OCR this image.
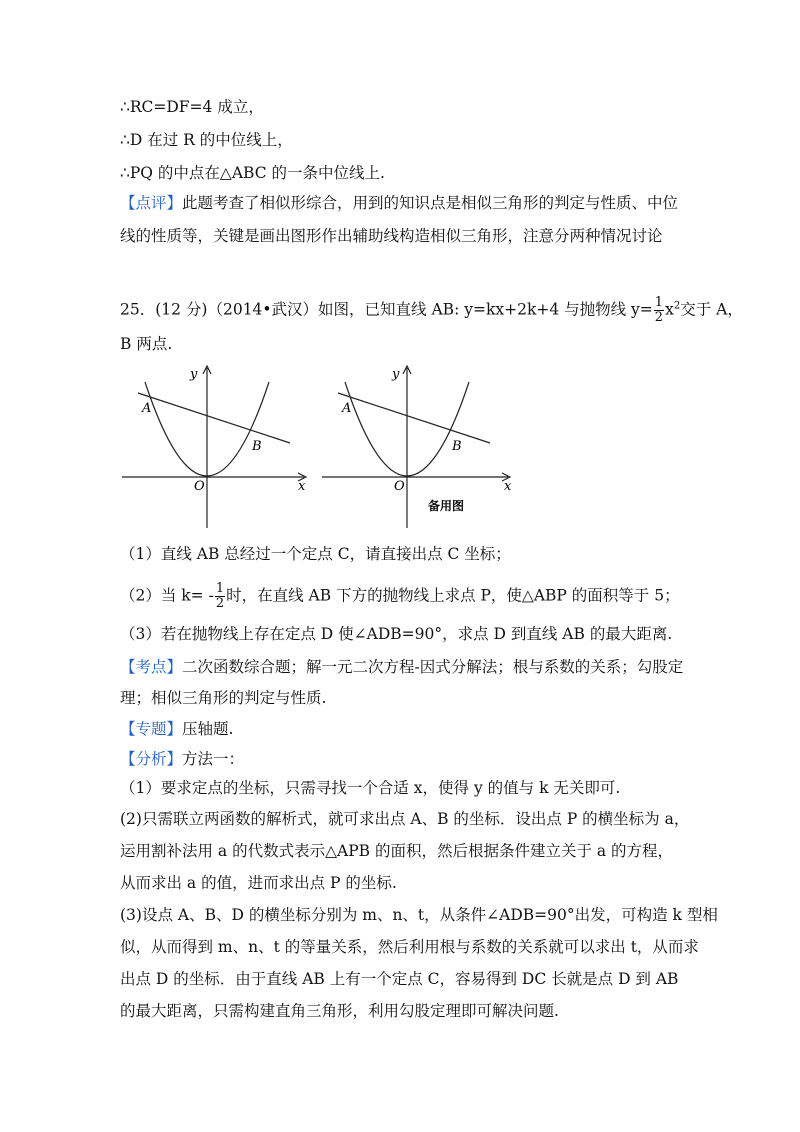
∴RC=DF=4 成立，
∴D 在过 R 的中位线上，
∴PQ 的中点在△ABC 的一条中位线上.
【点评】此题考查了相似形综合，用到的知识点是相似三角形的判定与性质、中位
线的性质等，关键是画出图形作出辅助线构造相似三角形，注意分两种情况讨论
25．(12 分)（2014•武汉）如图，已知直线 AB: y=kx+2k+4 与抛物线 $y= \frac{1}{2} x^2$交于 A，
B 两点.
y
x
O
A
B
y
x
O
A
B
备用图
（1）直线 AB 总经过一个定点 C，请直接出点 C 坐标；
（2）当 $k= - \frac{1}{2}$ 时，在直线 AB 下方的抛物线上求点 P，使△ABP 的面积等于 5；
（3）若在抛物线上存在定点 D 使∠ADB=90°，求点 D 到直线 AB 的最大距离.
【考点】二次函数综合题；解一元二次方程-因式分解法；根与系数的关系；勾股定
理；相似三角形的判定与性质.
【专题】压轴题.
【分析】方法一：
（1）要求定点的坐标，只需寻找一个合适 x，使得 y 的值与 k 无关即可.
(2)只需联立两函数的解析式，就可求出点 A、B 的坐标．设出点 P 的横坐标为 a，
运用割补法用 a 的代数式表示△APB 的面积，然后根据条件建立关于 a 的方程，
从而求出 a 的值，进而求出点 P 的坐标.
(3)设点 A、B、D 的横坐标分别为 m、n、t，从条件∠ADB=90°出发，可构造 k 型相
似，从而得到 m、n、t 的等量关系，然后利用根与系数的关系就可以求出 t，从而求
出点 D 的坐标．由于直线 AB 上有一个定点 C，容易得到 DC 长就是点 D 到 AB
的最大距离，只需构建直角三角形，利用勾股定理即可解决问题.
